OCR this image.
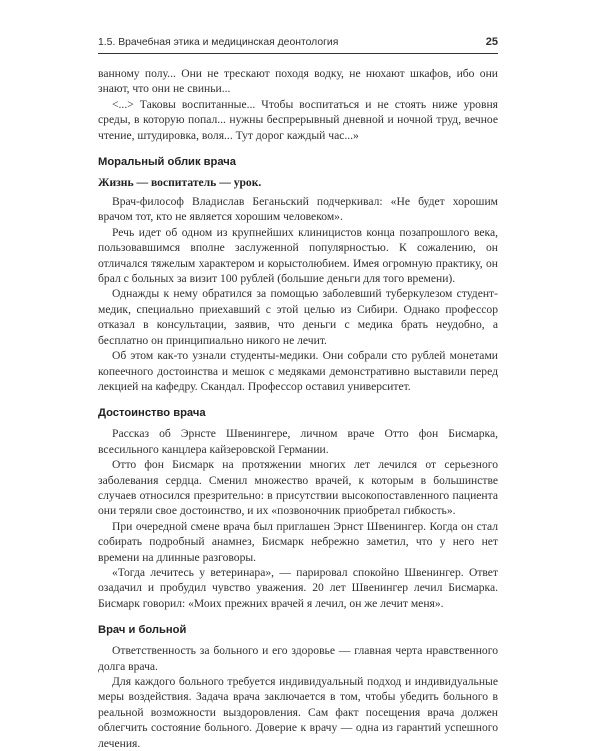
1.5. Врачебная этика и медицинская деонтология	25

ванному полу... Они не трескают походя водку, не нюхают шкафов, ибо они знают, что они не свиньи...

<...> Таковы воспитанные... Чтобы воспитаться и не стоять ниже уровня среды, в которую попал... нужны беспрерывный дневной и ночной труд, вечное чтение, штудировка, воля... Тут дорог каждый час...»

Моральный облик врача
Жизнь — воспитатель — урок.

Врач-философ Владислав Беганьский подчеркивал: «Не будет хорошим врачом тот, кто не является хорошим человеком».

Речь идет об одном из крупнейших клиницистов конца позапрошлого века, пользовавшимся вполне заслуженной популярностью. К сожалению, он отличался тяжелым характером и корыстолюбием. Имея огромную практику, он брал с больных за визит 100 рублей (большие деньги для того времени).

Однажды к нему обратился за помощью заболевший туберкулезом студент-медик, специально приехавший с этой целью из Сибири. Однако профессор отказал в консультации, заявив, что деньги с медика брать неудобно, а бесплатно он принципиально никого не лечит.

Об этом как-то узнали студенты-медики. Они собрали сто рублей монетами копеечного достоинства и мешок с медяками демонстративно выставили перед лекцией на кафедру. Скандал. Профессор оставил университет.

Достоинство врача

Рассказ об Эрнсте Швенингере, личном враче Отто фон Бисмарка, всесильного канцлера кайзеровской Германии.

Отто фон Бисмарк на протяжении многих лет лечился от серьезного заболевания сердца. Сменил множество врачей, к которым в большинстве случаев относился презрительно: в присутствии высокопоставленного пациента они теряли свое достоинство, и их «позвоночник приобретал гибкость».

При очередной смене врача был приглашен Эрнст Швенингер. Когда он стал собирать подробный анамнез, Бисмарк небрежно заметил, что у него нет времени на длинные разговоры.

«Тогда лечитесь у ветеринара», — парировал спокойно Швенингер. Ответ озадачил и пробудил чувство уважения. 20 лет Швенингер лечил Бисмарка. Бисмарк говорил: «Моих прежних врачей я лечил, он же лечит меня».

Врач и больной

Ответственность за больного и его здоровье — главная черта нравственного долга врача.

Для каждого больного требуется индивидуальный подход и индивидуальные меры воздействия. Задача врача заключается в том, чтобы убедить больного в реальной возможности выздоровления. Сам факт посещения врача должен облегчить состояние больного. Доверие к врачу — одна из гарантий успешного лечения.
